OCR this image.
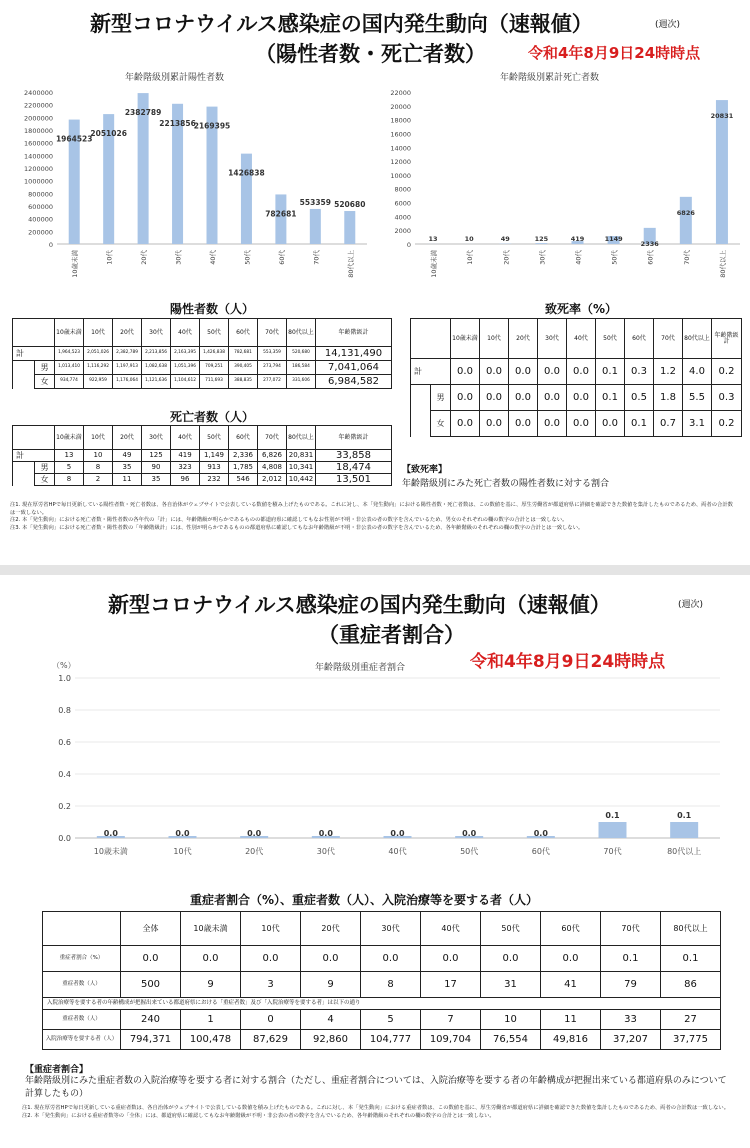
新型コロナウイルス感染症の国内発生動向（速報値）	(週次)
（陽性者数・死亡者数）	令和4年8月9日24時時点
年齢階級別累計陽性者数	年齢階級別累計死亡者数
0
200000
400000
600000
800000
1000000
1200000
1400000
1600000
1800000
2000000
2200000
2400000
1964523
10歳未満
2051026
10代
2382789
20代
2213856
30代
2169395
40代
1426838
50代
782681
60代
553359
70代
520680
80代以上
0
2000
4000
6000
8000
10000
12000
14000
16000
18000
20000
22000
13
10歳未満
10
10代
49
20代
125
30代
419
40代
1149
50代
2336
60代
6826
70代
20831
80代以上
陽性者数（人）
		10歳未満	10代	20代	30代	40代	50代	60代	70代	80代以上	年齢階級計
計		1,964,523	2,051,026	2,382,789	2,213,856	2,163,395	1,426,838	782,681	553,359	520,680	14,131,490
	男	1,013,410	1,116,292	1,197,913	1,082,638	1,051,396	709,251	390,405	273,794	186,584	7,041,064
	女	934,774	922,959	1,176,064	1,121,636	1,104,612	711,693	388,835	277,072	331,606	6,984,582
死亡者数（人）
		10歳未満	10代	20代	30代	40代	50代	60代	70代	80代以上	年齢階級計
計		13	10	49	125	419	1,149	2,336	6,826	20,831	33,858
	男	5	8	35	90	323	913	1,785	4,808	10,341	18,474
	女	8	2	11	35	96	232	546	2,012	10,442	13,501
致死率（%）
		10歳未満	10代	20代	30代	40代	50代	60代	70代	80代以上	年齢階級計
計		0.0	0.0	0.0	0.0	0.0	0.1	0.3	1.2	4.0	0.2
	男	0.0	0.0	0.0	0.0	0.0	0.1	0.5	1.8	5.5	0.3
	女	0.0	0.0	0.0	0.0	0.0	0.0	0.1	0.7	3.1	0.2
【致死率】
年齢階級別にみた死亡者数の陽性者数に対する割合
注1. 現在厚労省HPで毎日更新している陽性者数・死亡者数は、各自治体がウェブサイトで公表している数値を積み上げたものである。これに対し、本「発生動向」における陽性者数・死亡者数は、この数値を基に、厚生労働省が都道府県に詳細を確認できた数値を集計したものであるため、両者の合計数は一致しない。
注2. 本「発生動向」における死亡者数・陽性者数の各年代の「計」には、年齢階級が明らかであるものの都道府県に確認してもなお性別が不明・非公表の者の数字を含んでいるため、男女のそれぞれの欄の数字の合計とは一致しない。
注3. 本「発生動向」における死亡者数・陽性者数の「年齢階級計」には、性別が明らかであるものの都道府県に確認してもなお年齢階級が不明・非公表の者の数字を含んでいるため、各年齢階級のそれぞれの欄の数字の合計とは一致しない。
新型コロナウイルス感染症の国内発生動向（速報値）	(週次)
（重症者割合）
令和4年8月9日24時時点
年齢階級別重症者割合
0.0
0.2
0.4
0.6
0.8
1.0
0.0
10歳未満
0.0
10代
0.0
20代
0.0
30代
0.0
40代
0.0
50代
0.0
60代
0.1
70代
0.1
80代以上
（%）
重症者割合（%）、重症者数（人）、入院治療等を要する者（人）
	全体	10歳未満	10代	20代	30代	40代	50代	60代	70代	80代以上
重症者割合（%）	0.0	0.0	0.0	0.0	0.0	0.0	0.0	0.0	0.1	0.1
重症者数（人）	500	9	3	9	8	17	31	41	79	86
入院治療等を要する者の年齢構成が把握出来ている都道府県における「重症者数」及び「入院治療等を要する者」は以下の通り										
重症者数（人）	240	1	0	4	5	7	10	11	33	27
入院治療等を要する者（人）	794,371	100,478	87,629	92,860	104,777	109,704	76,554	49,816	37,207	37,775
【重症者割合】
年齢階級別にみた重症者数の入院治療等を要する者に対する割合（ただし、重症者割合については、入院治療等を要する者の年齢構成が把握出来ている都道府県のみについて計算したもの）
注1. 現在厚労省HPで毎日更新している重症者数は、各自治体がウェブサイトで公表している数値を積み上げたものである。これに対し、本「発生動向」における重症者数は、この数値を基に、厚生労働省が都道府県に詳細を確認できた数値を集計したものであるため、両者の合計数は一致しない。
注2. 本「発生動向」における重症者数等の「全体」には、都道府県に確認してもなお年齢階級が不明・非公表の者の数字を含んでいるため、各年齢階級のそれぞれの欄の数字の合計とは一致しない。
